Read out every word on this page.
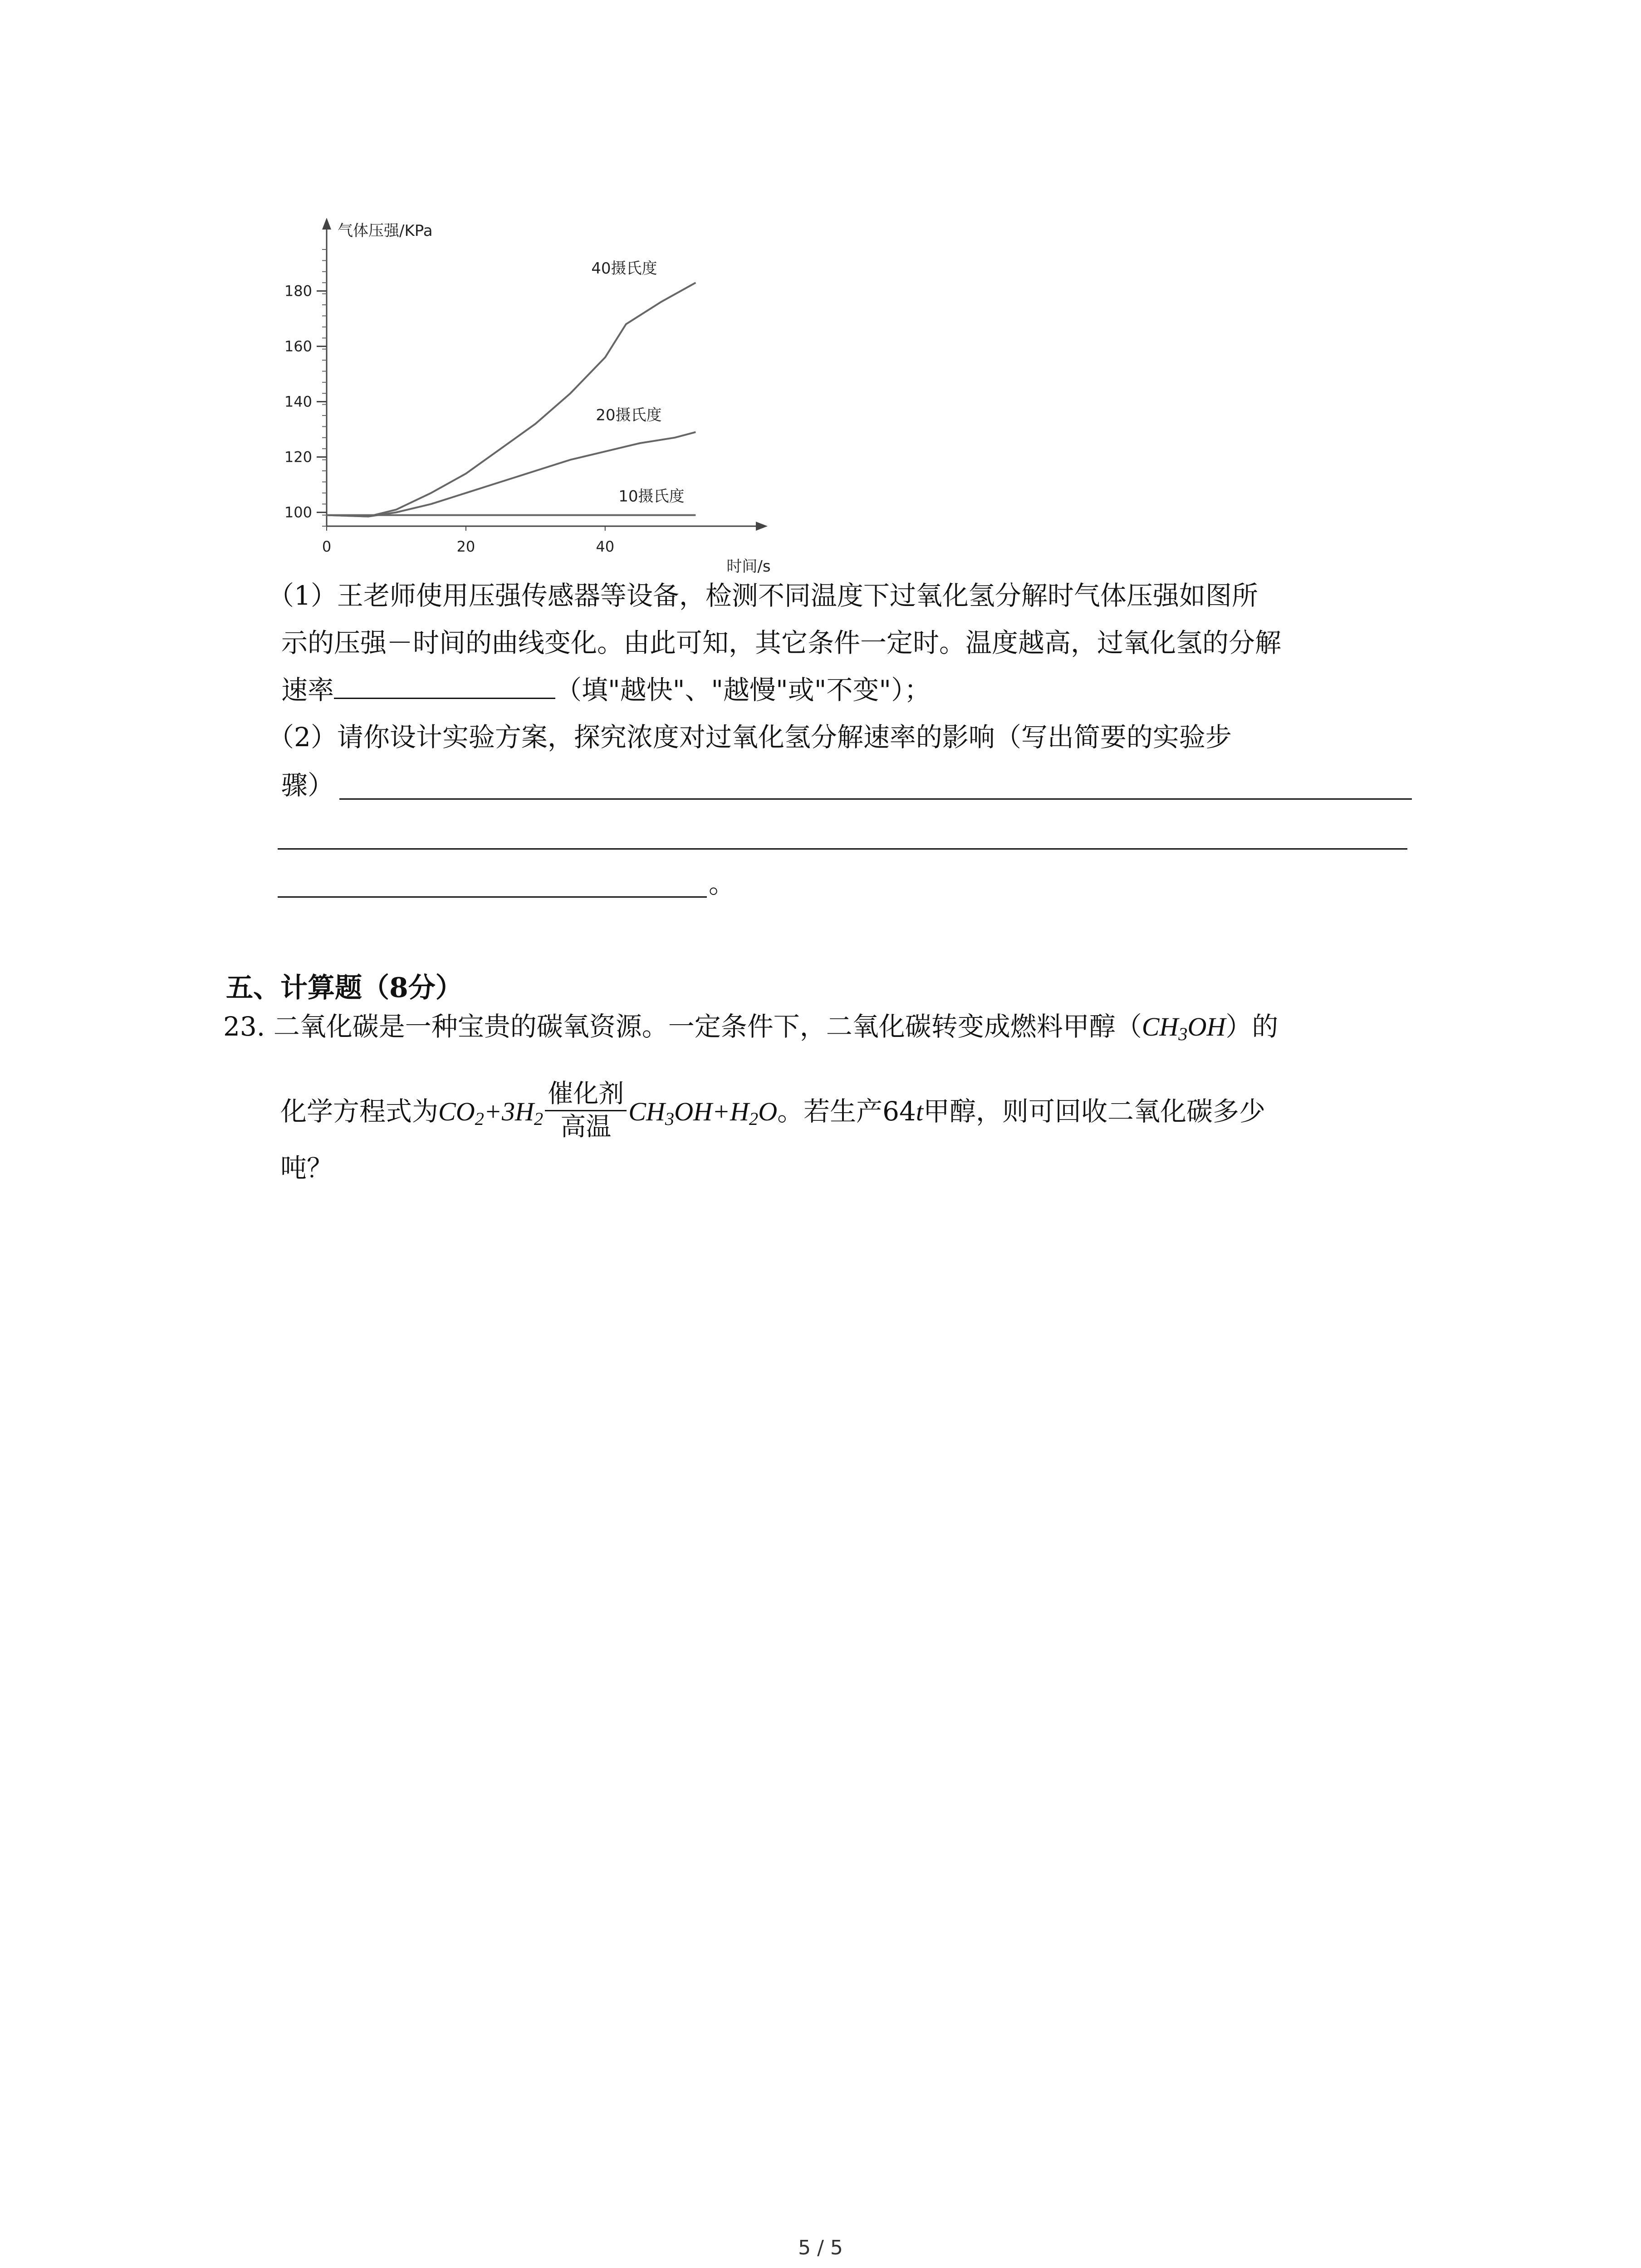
100
120
140
160
180
0	20	40
气体压强/KPa
时间/s
40摄氏度
20摄氏度
10摄氏度
（1）王老师使用压强传感器等设备，检测不同温度下过氧化氢分解时气体压强如图所
示的压强－时间的曲线变化。由此可知，其它条件一定时。温度越高，过氧化氢的分解
速率	（填"越快"、"越慢"或"不变"）；
（2）请你设计实验方案，探究浓度对过氧化氢分解速率的影响（写出简要的实验步
骤）
。
五、计算题（8分）
23. 二氧化碳是一种宝贵的碳氧资源。一定条件下，二氧化碳转变成燃料甲醇$(CH_3OH)$的
化学方程式为$CO_2+3H_2 \frac{\text{催化剂}}{\text{高温}} CH_3OH+H_2O$。若生产64t甲醇，则可回收二氧化碳多少
吨？
5 / 5
